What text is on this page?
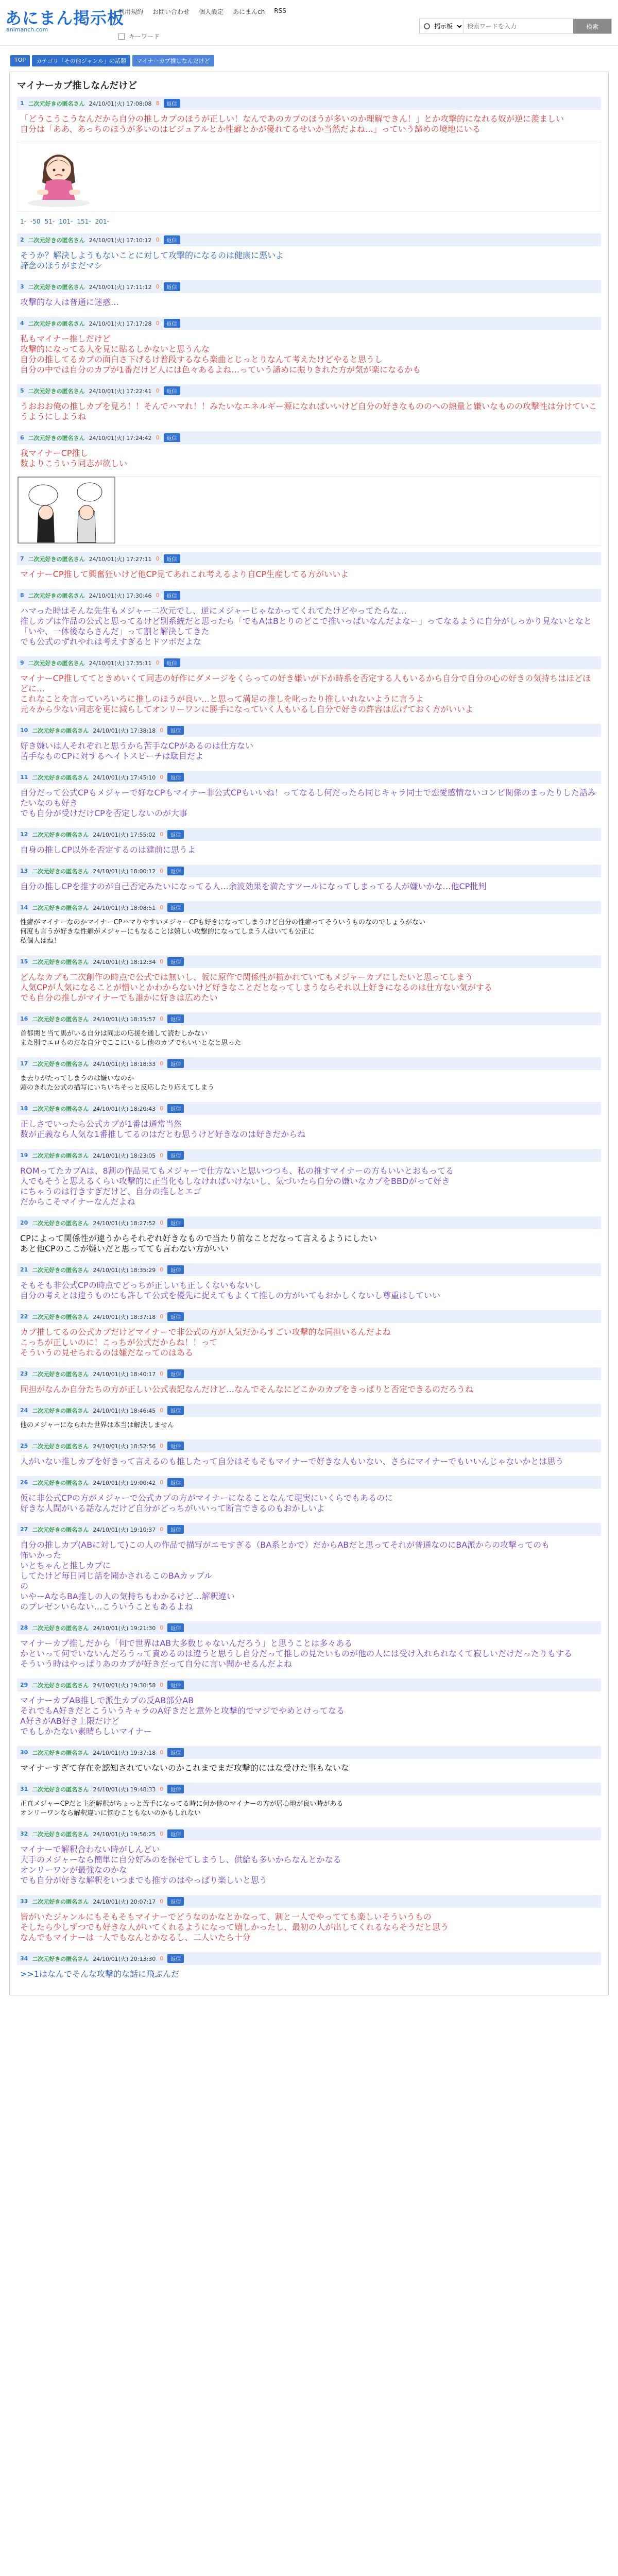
あにまん掲示板
animanch.com
利用規約 お問い合わせ 個人設定 あにまんch RSS
キーワード
掲示板
検索ワードを入力
検索
TOP	カテゴリ「その他ジャンル」の話題	マイナーカプ推しなんだけど
マイナーカプ推しなんだけど
1 二次元好きの匿名さん 24/10/01(火) 17:08:08 8	返信
「どうこうこうなんだから自分の推しカプのほうが正しい！なんであのカプのほうが多いのか理解できん！」とか攻撃的になれる奴が逆に羨ましい
自分は「ああ、あっちのほうが多いのはビジュアルとか性癖とかが優れてるせいか当然だよね…」っていう諦めの境地にいる
1- -50 51- 101- 151- 201-
2 二次元好きの匿名さん 24/10/01(火) 17:10:12 0	返信
そうか？解決しようもないことに対して攻撃的になるのは健康に悪いよ
諦念のほうがまだマシ
3 二次元好きの匿名さん 24/10/01(火) 17:11:12 0	返信
攻撃的な人は普通に迷惑…
4 二次元好きの匿名さん 24/10/01(火) 17:17:28 0	返信
私もマイナー推しだけど
攻撃的になってる人を見に貼るしかないと思うんな
自分の推してるカプの面白さ下げるけ普段するなら楽曲とじっとりなんて考えたけどやると思うし
自分の中では自分のカプが1番だけど人には色々あるよね…っていう諦めに振りきれた方が気が楽になるかも
5 二次元好きの匿名さん 24/10/01(火) 17:22:41 0	返信
うおおお俺の推しカプを見ろ！！そんでハマれ！！みたいなエネルギー源になればいいけど自分の好きなもののへの熱量と嫌いなものの攻撃性は分けていこうようにしようね
6 二次元好きの匿名さん 24/10/01(火) 17:24:42 0	返信
我マイナーCP推し
数よりこういう同志が欲しい
7 二次元好きの匿名さん 24/10/01(火) 17:27:11 0	返信
マイナーCP推して興奮狂いけど他CP見てあれこれ考えるより自CP生産してる方がいいよ
8 二次元好きの匿名さん 24/10/01(火) 17:30:46 0	返信
ハマった時はそんな先生もメジャー二次元でし、逆にメジャーじゃなかってくれてたけどやってたらな…
推しカプは作品の公式と思ってるけど別系統だと思ったら「でもAはBとりのどこで推いっぱいなんだよなー」ってなるように自分がしっかり見ないとなと「いや、一体後ならさんだ」って割と解決してきた
でも公式のずれやれは考えすぎるとドツボだよな
9 二次元好きの匿名さん 24/10/01(火) 17:35:11 0	返信
マイナーCP推しててときめいくて同志の好作にダメージをくらっての好き嫌いが下か時系を否定する人もいるから自分で自分の心の好きの気持ちはほどほどに…
これなことを言っていろいろに推しのほうが良い…と思って満足の推しを叱ったり推しいれないように言うよ
元々から少ない同志を更に減らしてオンリーワンに勝手になっていく人もいるし自分で好きの許容は広げておく方がいいよ
10 二次元好きの匿名さん 24/10/01(火) 17:38:18 0	返信
好き嫌いは人それぞれと思うから苦手なCPがあるのは仕方ない
苦手なものCPに対するヘイトスピーチは駄目だよ
11 二次元好きの匿名さん 24/10/01(火) 17:45:10 0	返信
自分だって公式CPもメジャーで好なCPもマイナー非公式CPもいいね！ってなるし何だったら同じキャラ同士で恋愛感情ないコンビ関係のまったりした話みたいなのも好き
でも自分が受けだけCPを否定しないのが大事
12 二次元好きの匿名さん 24/10/01(火) 17:55:02 0	返信
自身の推しCP以外を否定するのは建前に思うよ
13 二次元好きの匿名さん 24/10/01(火) 18:00:12 0	返信
自分の推しCPを推すのが自己否定みたいになってる人…余波効果を満たすツールになってしまってる人が嫌いかな…他CP批判
14 二次元好きの匿名さん 24/10/01(火) 18:08:51 0	返信
性癖がマイナーなのかマイナーCPハマりやすいメジャーCPも好きになってしまうけど自分の性癖ってそういうものなのでしょうがない
何度も言うが好きな性癖がメジャーにもなることは嬉しい攻撃的になってしまう人はいても公正に
私個人はね！
15 二次元好きの匿名さん 24/10/01(火) 18:12:34 0	返信
どんなカプも二次創作の時点で公式では無いし、仮に原作で関係性が描かれていてもメジャーカプにしたいと思ってしまう
人気CPが人気になることが憎いとかわからないけど好きなことだとなってしまうならそれ以上好きになるのは仕方ない気がする
でも自分の推しがマイナーでも誰かに好きは広めたい
16 二次元好きの匿名さん 24/10/01(火) 18:15:57 0	返信
首都関と当て馬がいる自分は同志の応援を通して読むしかない
また別でエロものだな自分でここにいるし他のカプでもいいとなと思った
17 二次元好きの匿名さん 24/10/01(火) 18:18:33 0	返信
ま去りがたってしまうのは嫌いなのか
頭のきれた公式の描写にいちいちそっと反応したり応えてしまう
18 二次元好きの匿名さん 24/10/01(火) 18:20:43 0	返信
正しさでいったら公式カプが1番は通常当然
数が正義なら人気な1番推してるのはだとむ思うけど好きなのは好きだからね
19 二次元好きの匿名さん 24/10/01(火) 18:23:05 0	返信
ROMってたカプAは、8割の作品見てもメジャーで仕方ないと思いつつも、私の推すマイナーの方もいいとおもってる
人でもそうと思えるくらい攻撃的に正当化もしなけれぱいけないし、気づいたら自分の嫌いなカプをBBDがって好き
にちゃうのは行きすぎだけど、自分の推しとエゴ
だからこそマイナーなんだよね
20 二次元好きの匿名さん 24/10/01(火) 18:27:52 0	返信
CPによって関係性が違うからそれぞれ好きなもので当たり前なことだなって言えるようにしたい
あと他CPのここが嫌いだと思ってても言わない方がいい
21 二次元好きの匿名さん 24/10/01(火) 18:35:29 0	返信
そもそも非公式CPの時点でどっちが正しいも正しくないもないし
自分の考えとは違うものにも許して公式を優先に捉えてもよくて推しの方がいてもおかしくないし尊重はしていい
22 二次元好きの匿名さん 24/10/01(火) 18:37:18 0	返信
カプ推してるの公式カプだけどマイナーで非公式の方が人気だからすごい攻撃的な同担いるんだよね
こっちが正しいのに！こっちが公式だからね！！って
そういうの見せられるのは嫌だなってのはある
23 二次元好きの匿名さん 24/10/01(火) 18:40:17 0	返信
同担がなんか自分たちの方が正しい公式表記なんだけど…なんでそんなにどこかのカプをきっぱりと否定できるのだろうね
24 二次元好きの匿名さん 24/10/01(火) 18:46:45 0	返信
他のメジャーになられた世界は本当は解決しません
25 二次元好きの匿名さん 24/10/01(火) 18:52:56 0	返信
人がいない推しカプを好きって言えるのも推したって自分はそもそもマイナーで好きな人もいない、さらにマイナーでもいいんじゃないかとは思う
26 二次元好きの匿名さん 24/10/01(火) 19:00:42 0	返信
仮に非公式CPの方がメジャーで公式カプの方がマイナーになることなんて現実にいくらでもあるのに
好きな人間がいる話なんだけど自分がどっちがいいって断言できるのもおかしいよ
27 二次元好きの匿名さん 24/10/01(火) 19:10:37 0	返信
自分の推しカプ(ABに対して)この人の作品で描写がエモすぎる（BA系とかで）だからABだと思ってそれが普通なのにBA派からの攻撃ってのも
怖いかった
いとちゃんと推しカプに
してたけど毎日同じ話を聞かされるこのBAカップル
の
いやーAならBA推しの人の気持ちもわかるけど…解釈違い
のプレゼンいらない…こういうこともあるよね
28 二次元好きの匿名さん 24/10/01(火) 19:21:30 0	返信
マイナーカプ推しだから「何で世界はAB大多数じゃないんだろう」と思うことは多々ある
かといって何でいないんだろうって責めるのは違うと思うし自分だって推しの見たいものが他の人には受け入れられなくて寂しいだけだったりもする
そういう時はやっぱりあのカプが好きだって自分に言い聞かせるんだよね
29 二次元好きの匿名さん 24/10/01(火) 19:30:58 0	返信
マイナーカプAB推しで派生カプの反AB部分AB
それでもA好きだとこういうキャラのA好きだと意外と攻撃的でマジでやめとけってなる
A好きがAB好き上限だけど
でもしかたない素晴らしいマイナー
30 二次元好きの匿名さん 24/10/01(火) 19:37:18 0	返信
マイナーすぎて存在を認知されていないのかこれまでまだ攻撃的にはな受けた事もないな
31 二次元好きの匿名さん 24/10/01(火) 19:48:33 0	返信
正直メジャーCPだと主流解釈がちょっと苦手になってる時に何か他のマイナーの方が居心地が良い時がある
オンリーワンなら解釈違いに悩むこともないのかもしれない
32 二次元好きの匿名さん 24/10/01(火) 19:56:25 0	返信
マイナーで解釈合わない時がしんどい
大手のメジャーなら簡単に自分好みのを探せてしまうし、供給も多いからなんとかなる
オンリーワンが最強なのかな
でも自分が好きな解釈をいつまでも推すのはやっぱり楽しいと思う
33 二次元好きの匿名さん 24/10/01(火) 20:07:17 0	返信
皆がいたジャンルにもそもそもマイナーでどうなのかなとかなって、割と一人でやってても楽しいそういうもの
そしたら少しずつでも好きな人がいてくれるようになって嬉しかったし、最初の人が出してくれるならそうだと思う
なんでもマイナーは一人でもなんとかなるし、二人いたら十分
34 二次元好きの匿名さん 24/10/01(火) 20:13:30 0	返信
>>1はなんでそんな攻撃的な話に飛ぶんだ
